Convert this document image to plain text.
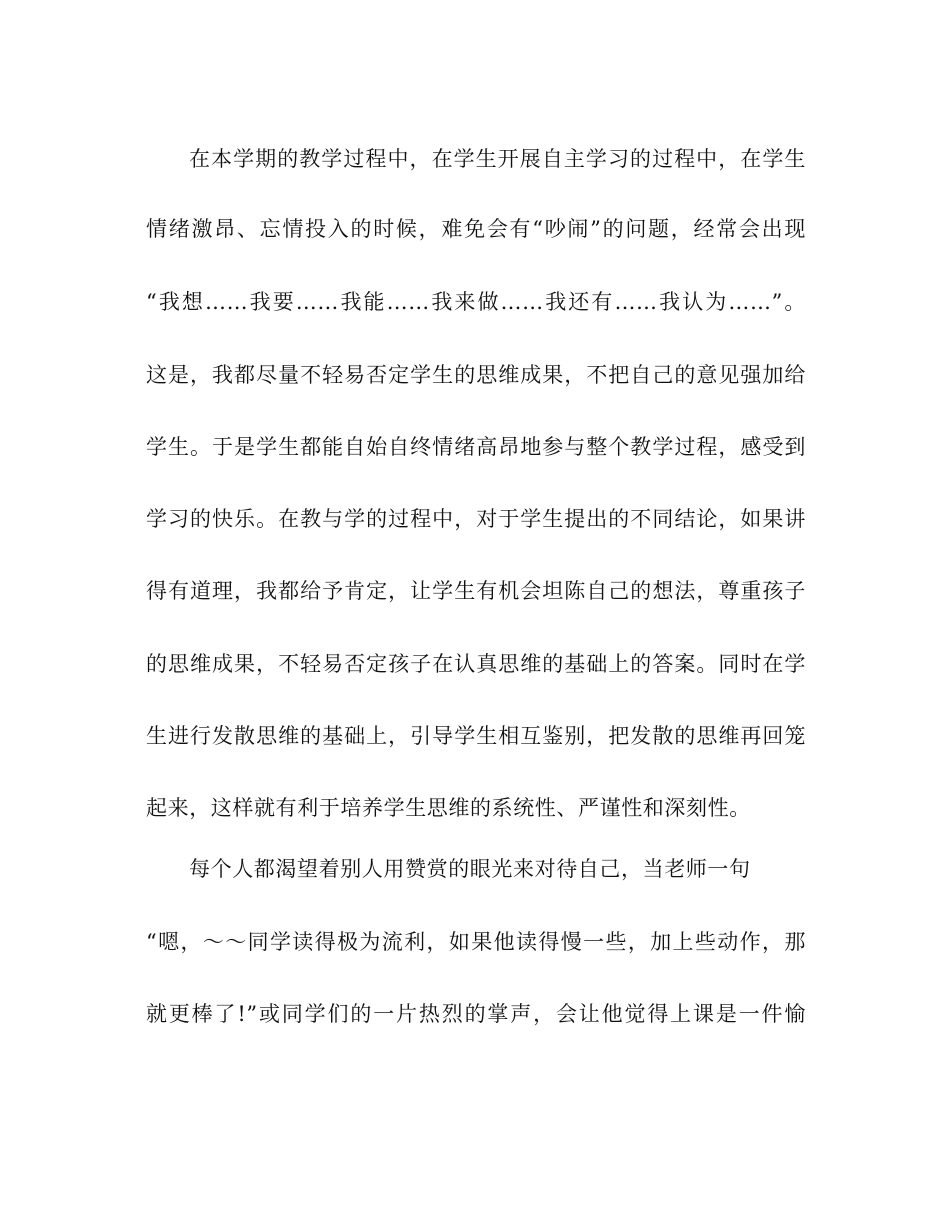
在本学期的教学过程中，在学生开展自主学习的过程中，在学生
情绪激昂、忘情投入的时候，难免会有“吵闹”的问题，经常会出现
“我想……我要……我能……我来做……我还有……我认为……”。
这是，我都尽量不轻易否定学生的思维成果，不把自己的意见强加给
学生。于是学生都能自始自终情绪高昂地参与整个教学过程，感受到
学习的快乐。在教与学的过程中，对于学生提出的不同结论，如果讲
得有道理，我都给予肯定，让学生有机会坦陈自己的想法，尊重孩子
的思维成果，不轻易否定孩子在认真思维的基础上的答案。同时在学
生进行发散思维的基础上，引导学生相互鉴别，把发散的思维再回笼
起来，这样就有利于培养学生思维的系统性、严谨性和深刻性。
每个人都渴望着别人用赞赏的眼光来对待自己，当老师一句
“嗯，～～同学读得极为流利，如果他读得慢一些，加上些动作，那
就更棒了!”或同学们的一片热烈的掌声，会让他觉得上课是一件愉
